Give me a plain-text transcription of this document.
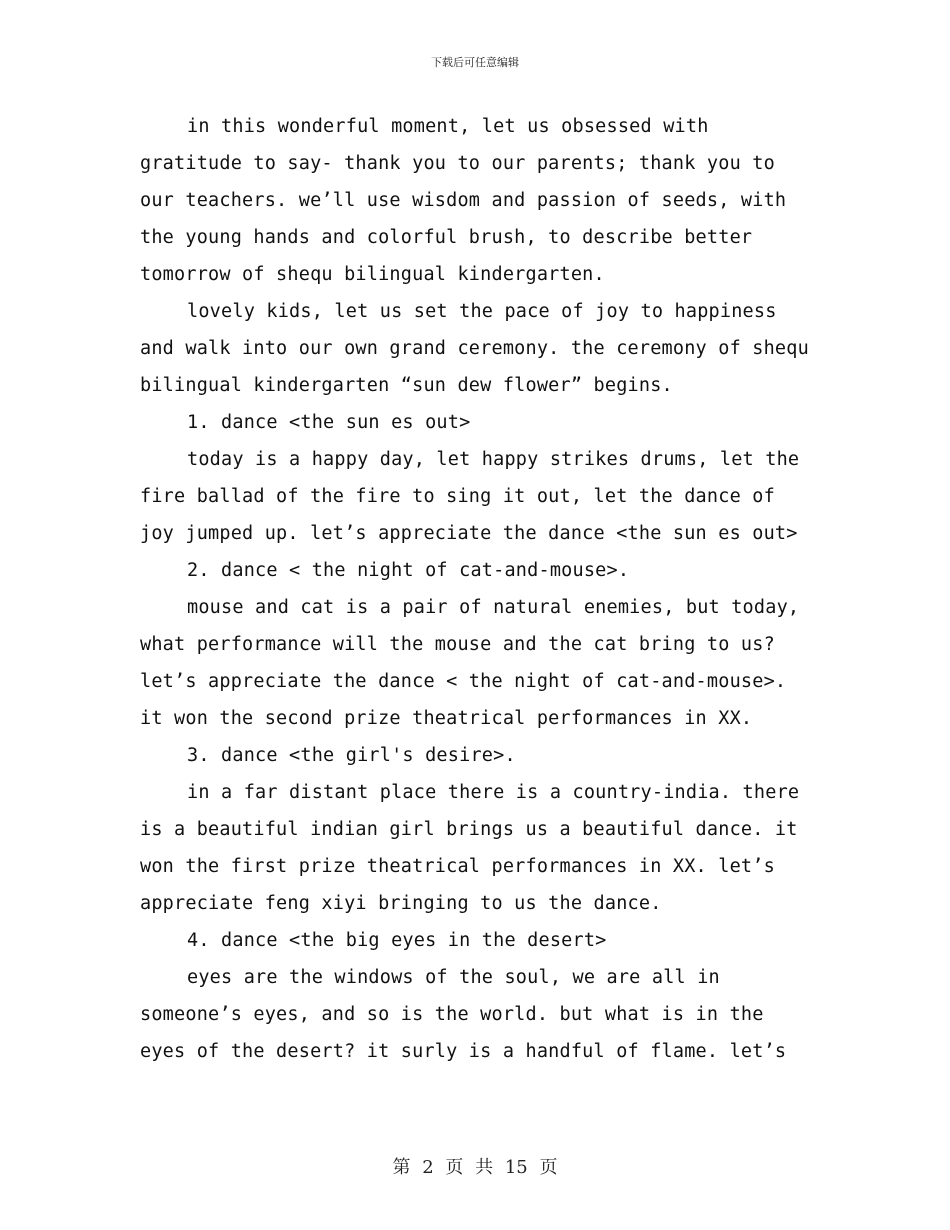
下载后可任意编辑

in this wonderful moment, let us obsessed with gratitude to say- thank you to our parents; thank you to our teachers. we’ll use wisdom and passion of seeds, with the young hands and colorful brush, to describe better tomorrow of shequ bilingual kindergarten.

lovely kids, let us set the pace of joy to happiness and walk into our own grand ceremony. the ceremony of shequ bilingual kindergarten “sun dew flower” begins.

1. dance <the sun es out>

today is a happy day, let happy strikes drums, let the fire ballad of the fire to sing it out, let the dance of joy jumped up. let’s appreciate the dance <the sun es out>

2. dance < the night of cat-and-mouse>.

mouse and cat is a pair of natural enemies, but today, what performance will the mouse and the cat bring to us? let’s appreciate the dance < the night of cat-and-mouse>. it won the second prize theatrical performances in XX.

3. dance <the girl's desire>.

in a far distant place there is a country-india. there is a beautiful indian girl brings us a beautiful dance. it won the first prize theatrical performances in XX. let’s appreciate feng xiyi bringing to us the dance.

4. dance <the big eyes in the desert>

eyes are the windows of the soul, we are all in someone’s eyes, and so is the world. but what is in the eyes of the desert? it surly is a handful of flame. let’s

第 2 页 共 15 页
